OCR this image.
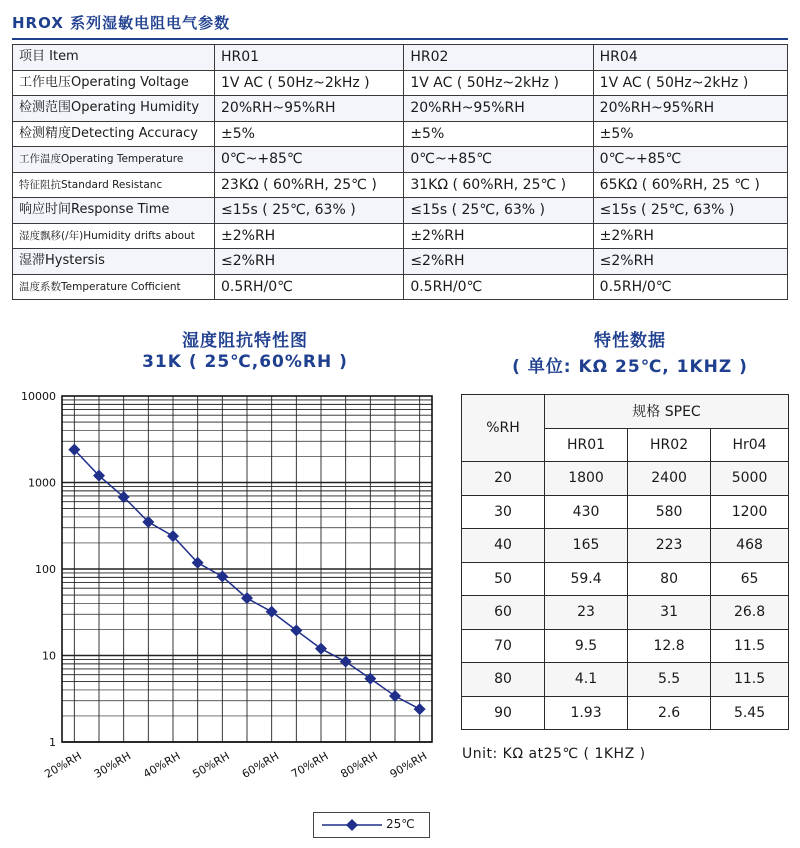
HROX 系列湿敏电阻电气参数
项目 Item	HR01	HR02	HR04
工作电压Operating Voltage	1V AC ( 50Hz~2kHz )	1V AC ( 50Hz~2kHz )	1V AC ( 50Hz~2kHz )
检测范围Operating Humidity	20%RH~95%RH	20%RH~95%RH	20%RH~95%RH
检测精度Detecting Accuracy	±5%	±5%	±5%
工作温度Operating Temperature	0℃~+85℃	0℃~+85℃	0℃~+85℃
特征阻抗Standard Resistanc	23KΩ ( 60%RH, 25℃ )	31KΩ ( 60%RH, 25℃ )	65KΩ ( 60%RH, 25 ℃ )
响应时间Response Time	≤15s ( 25℃, 63% )	≤15s ( 25℃, 63% )	≤15s ( 25℃, 63% )
湿度飘移(/年)Humidity drifts about	±2%RH	±2%RH	±2%RH
湿滞Hystersis	≤2%RH	≤2%RH	≤2%RH
温度系数Temperature Cofficient	0.5RH/0℃	0.5RH/0℃	0.5RH/0℃
湿度阻抗特性图
31K ( 25℃,60%RH )
10000
1000
100
10
1
20%RH 30%RH 40%RH 50%RH 60%RH 70%RH 80%RH 90%RH
特性数据
( 单位: KΩ 25℃, 1KHZ )
%RH	规格 SPEC		
	HR01	HR02	Hr04
20	1800	2400	5000
30	430	580	1200
40	165	223	468
50	59.4	80	65
60	23	31	26.8
70	9.5	12.8	11.5
80	4.1	5.5	11.5
90	1.93	2.6	5.45
Unit: KΩ at25℃ ( 1KHZ )
25℃
